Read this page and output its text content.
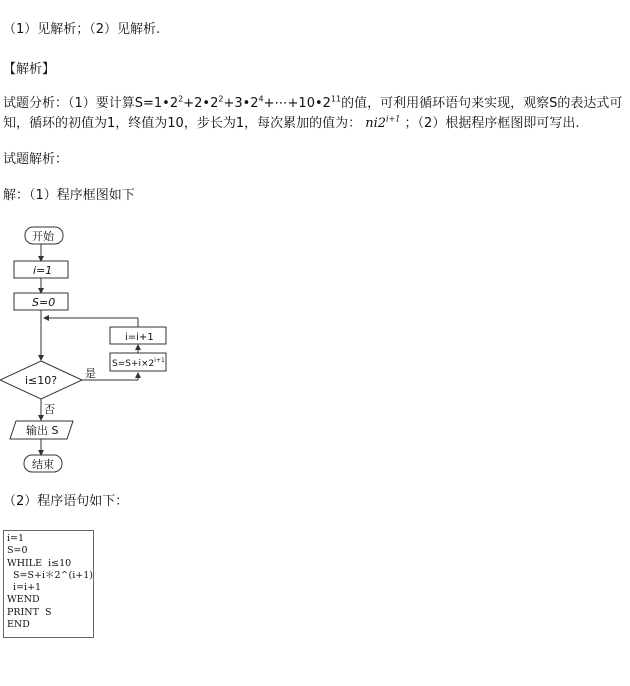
（1）见解析；（2）见解析.
【解析】
试题分析：（1）要计算$S=1•2^2+2•2^2+3•2^4+\cdots+10•2^{11}$的值，可利用循环语句来实现，观察S的表达式可知，循环的初值为1，终值为10，步长为1，每次累加的值为： $ni2^{i+1}$ ；（2）根据程序框图即可写出.
试题解析：
解：（1）程序框图如下
开始
i=1
S=0
i≤10?
是
否
i=i+1
$S=S+i\times 2^{i+1}$
输出 S
结束
（2）程序语句如下：
i=1
S=0
WHILE  i≤10
S=S+i＊2^(i+1)
i=i+1
WEND
PRINT  S
END
